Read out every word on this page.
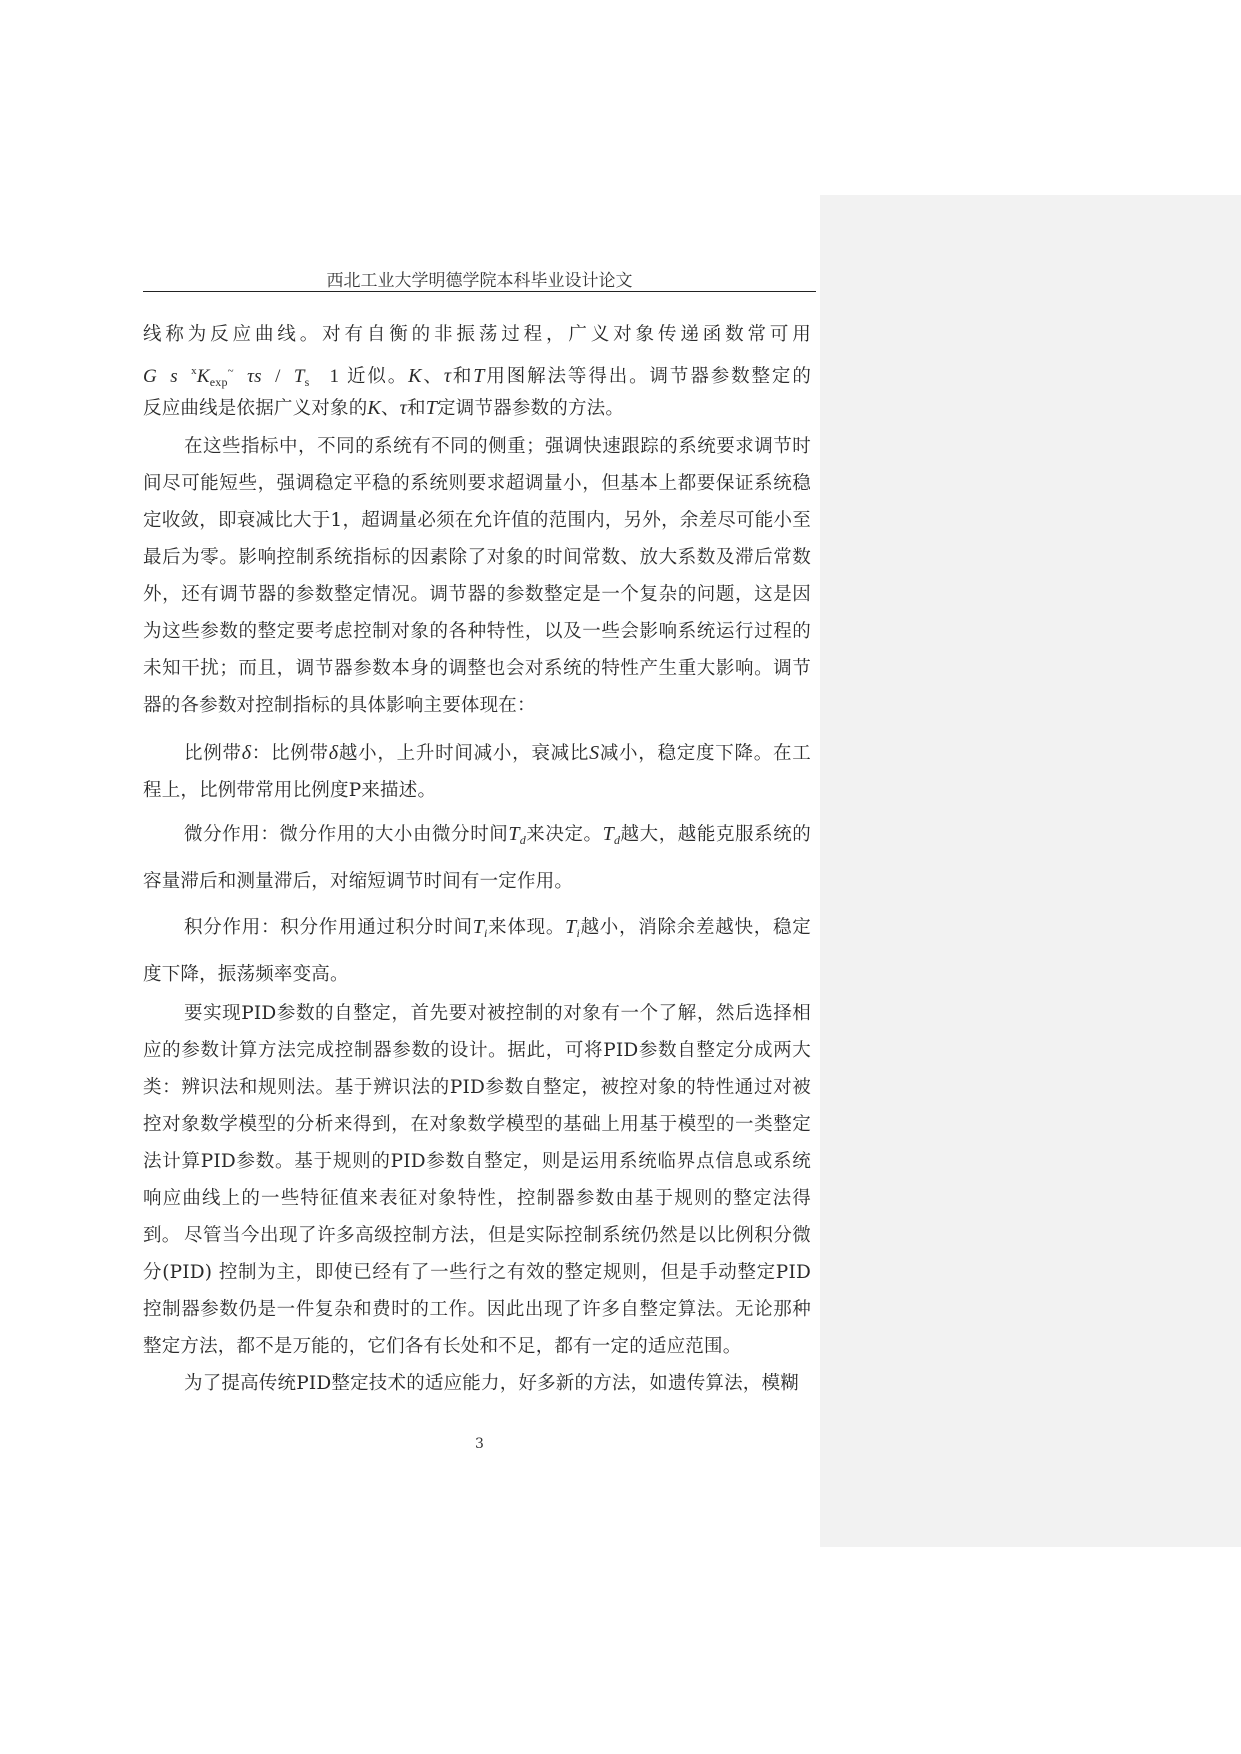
西北工业大学明德学院本科毕业设计论文

线称为反应曲线。对有自衡的非振荡过程，广义对象传递函数常可用

G s $^xK_{exp}^\sim$ τs / $T_s$ 1 近似。K、τ和T用图解法等得出。调节器参数整定的

反应曲线是依据广义对象的K、τ和T定调节器参数的方法。

在这些指标中，不同的系统有不同的侧重；强调快速跟踪的系统要求调节时间尽可能短些，强调稳定平稳的系统则要求超调量小，但基本上都要保证系统稳定收敛，即衰减比大于1，超调量必须在允许值的范围内，另外，余差尽可能小至最后为零。影响控制系统指标的因素除了对象的时间常数、放大系数及滞后常数外，还有调节器的参数整定情况。调节器的参数整定是一个复杂的问题，这是因为这些参数的整定要考虑控制对象的各种特性，以及一些会影响系统运行过程的未知干扰；而且，调节器参数本身的调整也会对系统的特性产生重大影响。调节器的各参数对控制指标的具体影响主要体现在：

比例带δ：比例带δ越小，上升时间减小，衰减比S减小，稳定度下降。在工程上，比例带常用比例度P来描述。

微分作用：微分作用的大小由微分时间$T_d$来决定。$T_d$越大，越能克服系统的容量滞后和测量滞后，对缩短调节时间有一定作用。

积分作用：积分作用通过积分时间$T_i$来体现。$T_i$越小，消除余差越快，稳定度下降，振荡频率变高。

要实现PID参数的自整定，首先要对被控制的对象有一个了解，然后选择相应的参数计算方法完成控制器参数的设计。据此，可将PID参数自整定分成两大类：辨识法和规则法。基于辨识法的PID参数自整定，被控对象的特性通过对被控对象数学模型的分析来得到，在对象数学模型的基础上用基于模型的一类整定法计算PID参数。基于规则的PID参数自整定，则是运用系统临界点信息或系统响应曲线上的一些特征值来表征对象特性，控制器参数由基于规则的整定法得到。 尽管当今出现了许多高级控制方法，但是实际控制系统仍然是以比例积分微分(PID) 控制为主，即使已经有了一些行之有效的整定规则，但是手动整定PID控制器参数仍是一件复杂和费时的工作。因此出现了许多自整定算法。无论那种整定方法，都不是万能的，它们各有长处和不足，都有一定的适应范围。

为了提高传统PID整定技术的适应能力，好多新的方法，如遗传算法，模糊

3
